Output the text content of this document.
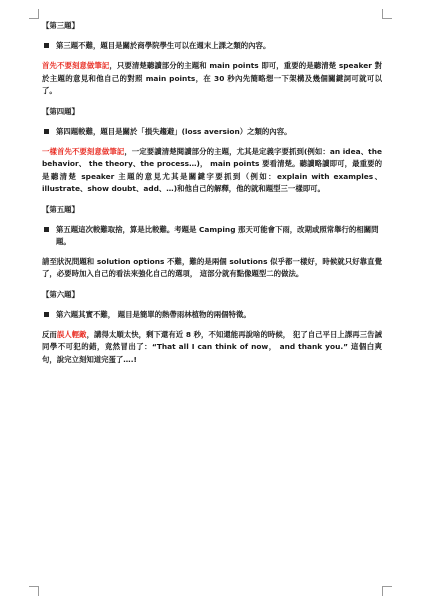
【第三題】
第三題不難，題目是關於商學院學生可以在週末上課之類的內容。
首先不要刻意做筆記，只要清楚聽讀部分的主題和 main points 即可，重要的是聽清楚 speaker 對於主題的意見和他自己的對照 main points，在 30 秒內先簡略想一下架構及幾個關鍵詞可就可以了。
【第四題】
第四題較難，題目是關於「損失趨避」(loss aversion）之類的內容。
一樣首先不要刻意做筆記，一定要讀清楚閱讀部分的主題，尤其是定義字要抓到(例如：an idea、the behavior、 the theory、the process…)， main points 要看清楚。聽讀略讀即可，最重要的是聽清楚 speaker 主題的意見尤其是關鍵字要抓到（例如：explain with examples、 illustrate、show doubt、add、…)和他自己的解釋，他的就和題型三一樣即可。
【第五題】
第五題這次較難取捨，算是比較難。考題是 Camping 那天可能會下雨，改期或照常舉行的相關問題。
請至狀況問題和 solution options 不難，難的是兩個 solutions 似乎都一樣好，時候就只好靠直覺了，必要時加入自己的看法來強化自己的選項， 這部分就有點像題型二的做法。
【第六題】
第六題其實不難， 題目是簡單的熱帶雨林植物的兩個特徵。
反而誤人輕敵，講得太順太快，剩下還有近 8 秒，不知還能再說啥的時候， 犯了自己平日上課再三告誡同學不可犯的錯，竟然冒出了：“That all I can think of now， and thank you.” 這個白爽句，說完立刻知道完蛋了….!
